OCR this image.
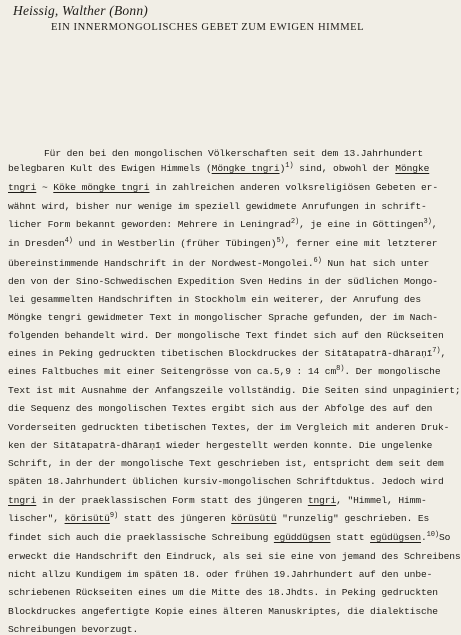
Heissig, Walther (Bonn)
EIN INNERMONGOLISCHES GEBET ZUM EWIGEN HIMMEL
Für den bei den mongolischen Völkerschaften seit dem 13.Jahrhundert
belegbaren Kult des Ewigen Himmels (Möngke tngri)$^{1)}$ sind, obwohl der Möngke
tngri ~ Köke möngke tngri in zahlreichen anderen volksreligiösen Gebeten er-
wähnt wird, bisher nur wenige im speziell gewidmete Anrufungen in schrift-
licher Form bekannt geworden: Mehrere in Leningrad$^{2)}$, je eine in Göttingen$^{3)}$,
in Dresden$^{4)}$ und in Westberlin (früher Tübingen)$^{5)}$, ferner eine mit letzterer
übereinstimmende Handschrift in der Nordwest-Mongolei.$^{6)}$ Nun hat sich unter
den von der Sino-Schwedischen Expedition Sven Hedins in der südlichen Mongo-
lei gesammelten Handschriften in Stockholm ein weiterer, der Anrufung des
Möngke tengri gewidmeter Text in mongolischer Sprache gefunden, der im Nach-
folgenden behandelt wird. Der mongolische Text findet sich auf den Rückseiten
eines in Peking gedruckten tibetischen Blockdruckes der Sitātapatrā-dhāraṇī$^{7)}$,
eines Faltbuches mit einer Seitengrösse von ca.5,9 : 14 $cm^{8)}$. Der mongolische
Text ist mit Ausnahme der Anfangszeile vollständig. Die Seiten sind unpaginiert;
die Sequenz des mongolischen Textes ergibt sich aus der Abfolge des auf den
Vorderseiten gedruckten tibetischen Textes, der im Vergleich mit anderen Druk-
ken der Sitātapatrā-dhāraṇī wieder hergestellt werden konnte. Die ungelenke
Schrift, in der der mongolische Text geschrieben ist, entspricht dem seit dem
späten 18.Jahrhundert üblichen kursiv-mongolischen Schriftduktus. Jedoch wird
tngri in der praeklassischen Form statt des jüngeren tngri, "Himmel, Himm-
lischer", körisütü$^{9)}$ statt des jüngeren körüsütü "runzelig" geschrieben. Es
findet sich auch die praeklassische Schreibung egüddügsen statt egüdügsen.$^{10)}$So
erweckt die Handschrift den Eindruck, als sei sie eine von jemand des Schreibens
nicht allzu Kundigem im späten 18. oder frühen 19.Jahrhundert auf den unbe-
schriebenen Rückseiten eines um die Mitte des 18.Jhdts. in Peking gedruckten
Blockdruckes angefertigte Kopie eines älteren Manuskriptes, die dialektische
Schreibungen bevorzugt.
